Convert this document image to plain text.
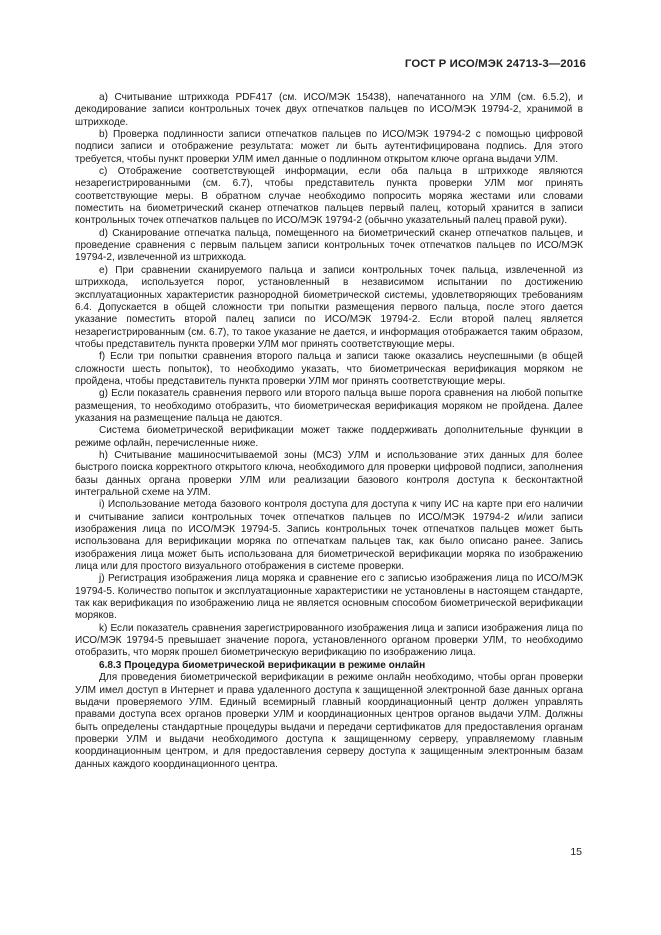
ГОСТ Р ИСО/МЭК 24713-3—2016

a) Считывание штрихкода PDF417 (см. ИСО/МЭК 15438), напечатанного на УЛМ (см. 6.5.2), и декодирование записи контрольных точек двух отпечатков пальцев по ИСО/МЭК 19794-2, хранимой в штрихкоде.

b) Проверка подлинности записи отпечатков пальцев по ИСО/МЭК 19794-2 с помощью цифровой подписи записи и отображение результата: может ли быть аутентифицирована подпись. Для этого требуется, чтобы пункт проверки УЛМ имел данные о подлинном открытом ключе органа выдачи УЛМ.

c) Отображение соответствующей информации, если оба пальца в штрихкоде являются незарегистрированными (см. 6.7), чтобы представитель пункта проверки УЛМ мог принять соответствующие меры. В обратном случае необходимо попросить моряка жестами или словами поместить на биометрический сканер отпечатков пальцев первый палец, который хранится в записи контрольных точек отпечатков пальцев по ИСО/МЭК 19794-2 (обычно указательный палец правой руки).

d) Сканирование отпечатка пальца, помещенного на биометрический сканер отпечатков пальцев, и проведение сравнения с первым пальцем записи контрольных точек отпечатков пальцев по ИСО/МЭК 19794-2, извлеченной из штрихкода.

e) При сравнении сканируемого пальца и записи контрольных точек пальца, извлеченной из штрихкода, используется порог, установленный в независимом испытании по достижению эксплуатационных характеристик разнородной биометрической системы, удовлетворяющих требованиям 6.4. Допускается в общей сложности три попытки размещения первого пальца, после этого дается указание поместить второй палец записи по ИСО/МЭК 19794-2. Если второй палец является незарегистрированным (см. 6.7), то такое указание не дается, и информация отображается таким образом, чтобы представитель пункта проверки УЛМ мог принять соответствующие меры.

f) Если три попытки сравнения второго пальца и записи также оказались неуспешными (в общей сложности шесть попыток), то необходимо указать, что биометрическая верификация моряком не пройдена, чтобы представитель пункта проверки УЛМ мог принять соответствующие меры.

g) Если показатель сравнения первого или второго пальца выше порога сравнения на любой попытке размещения, то необходимо отобразить, что биометрическая верификация моряком не пройдена. Далее указания на размещение пальца не даются.

Система биометрической верификации может также поддерживать дополнительные функции в режиме офлайн, перечисленные ниже.

h) Считывание машиносчитываемой зоны (МСЗ) УЛМ и использование этих данных для более быстрого поиска корректного открытого ключа, необходимого для проверки цифровой подписи, заполнения базы данных органа проверки УЛМ или реализации базового контроля доступа к бесконтактной интегральной схеме на УЛМ.

i) Использование метода базового контроля доступа для доступа к чипу ИС на карте при его наличии и считывание записи контрольных точек отпечатков пальцев по ИСО/МЭК 19794-2 и/или записи изображения лица по ИСО/МЭК 19794-5. Запись контрольных точек отпечатков пальцев может быть использована для верификации моряка по отпечаткам пальцев так, как было описано ранее. Запись изображения лица может быть использована для биометрической верификации моряка по изображению лица или для простого визуального отображения в системе проверки.

j) Регистрация изображения лица моряка и сравнение его с записью изображения лица по ИСО/МЭК 19794-5. Количество попыток и эксплуатационные характеристики не установлены в настоящем стандарте, так как верификация по изображению лица не является основным способом биометрической верификации моряков.

k) Если показатель сравнения зарегистрированного изображения лица и записи изображения лица по ИСО/МЭК 19794-5 превышает значение порога, установленного органом проверки УЛМ, то необходимо отобразить, что моряк прошел биометрическую верификацию по изображению лица.

6.8.3 Процедура биометрической верификации в режиме онлайн

Для проведения биометрической верификации в режиме онлайн необходимо, чтобы орган проверки УЛМ имел доступ в Интернет и права удаленного доступа к защищенной электронной базе данных органа выдачи проверяемого УЛМ. Единый всемирный главный координационный центр должен управлять правами доступа всех органов проверки УЛМ и координационных центров органов выдачи УЛМ. Должны быть определены стандартные процедуры выдачи и передачи сертификатов для предоставления органам проверки УЛМ и выдачи необходимого доступа к защищенному серверу, управляемому главным координационным центром, и для предоставления серверу доступа к защищенным электронным базам данных каждого координационного центра.

15
